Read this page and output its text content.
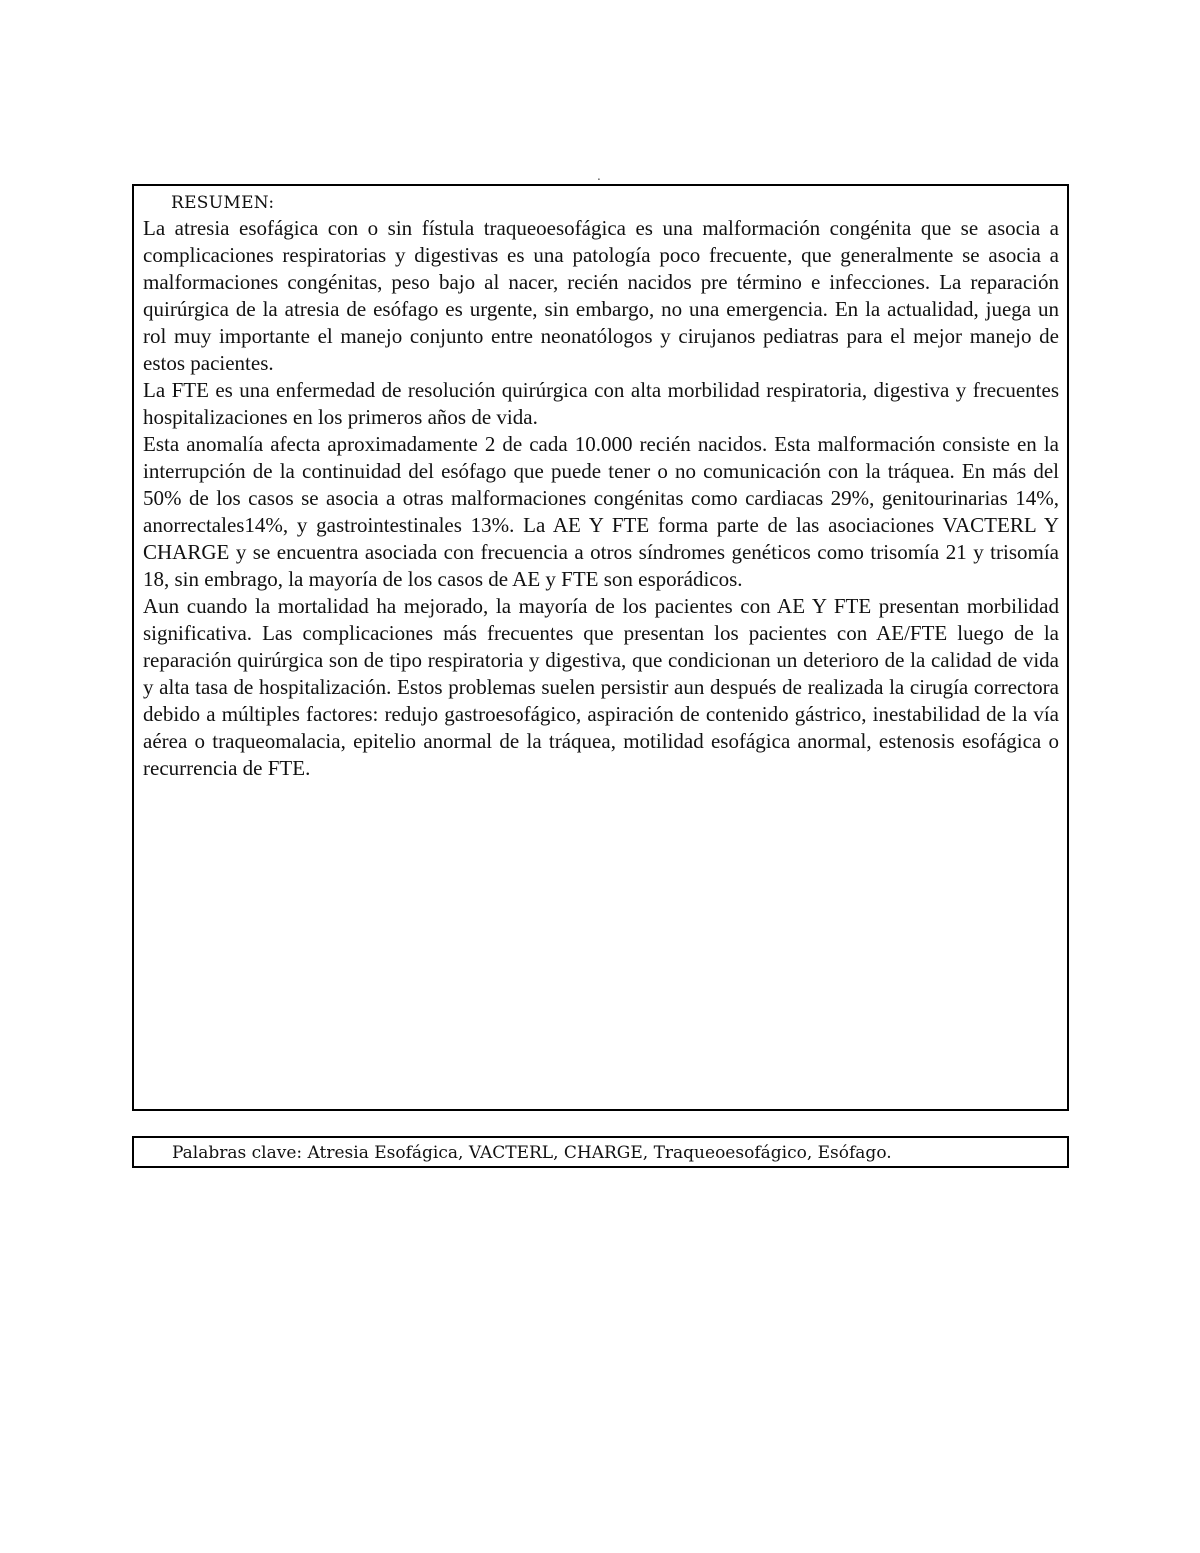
.
RESUMEN:

La atresia esofágica con o sin fístula traqueoesofágica es una malformación congénita que se asocia a complicaciones respiratorias y digestivas es una patología poco frecuente, que generalmente se asocia a malformaciones congénitas, peso bajo al nacer, recién nacidos pre término e infecciones. La reparación quirúrgica de la atresia de esófago es urgente, sin embargo, no una emergencia. En la actualidad, juega un rol muy importante el manejo conjunto entre neonatólogos y cirujanos pediatras para el mejor manejo de estos pacientes.

La FTE es una enfermedad de resolución quirúrgica con alta morbilidad respiratoria, digestiva y frecuentes hospitalizaciones en los primeros años de vida.

Esta anomalía afecta aproximadamente 2 de cada 10.000 recién nacidos. Esta malformación consiste en la interrupción de la continuidad del esófago que puede tener o no comunicación con la tráquea. En más del 50% de los casos se asocia a otras malformaciones congénitas como cardiacas 29%, genitourinarias 14%, anorrectales14%, y gastrointestinales 13%. La AE Y FTE forma parte de las asociaciones VACTERL Y CHARGE y se encuentra asociada con frecuencia a otros síndromes genéticos como trisomía 21 y trisomía 18, sin embrago, la mayoría de los casos de AE y FTE son esporádicos.

Aun cuando la mortalidad ha mejorado, la mayoría de los pacientes con AE Y FTE presentan morbilidad significativa. Las complicaciones más frecuentes que presentan los pacientes con AE/FTE luego de la reparación quirúrgica son de tipo respiratoria y digestiva, que condicionan un deterioro de la calidad de vida y alta tasa de hospitalización. Estos problemas suelen persistir aun después de realizada la cirugía correctora debido a múltiples factores: redujo gastroesofágico, aspiración de contenido gástrico, inestabilidad de la vía aérea o traqueomalacia, epitelio anormal de la tráquea, motilidad esofágica anormal, estenosis esofágica o recurrencia de FTE.

Palabras clave: Atresia Esofágica, VACTERL, CHARGE, Traqueoesofágico, Esófago.
